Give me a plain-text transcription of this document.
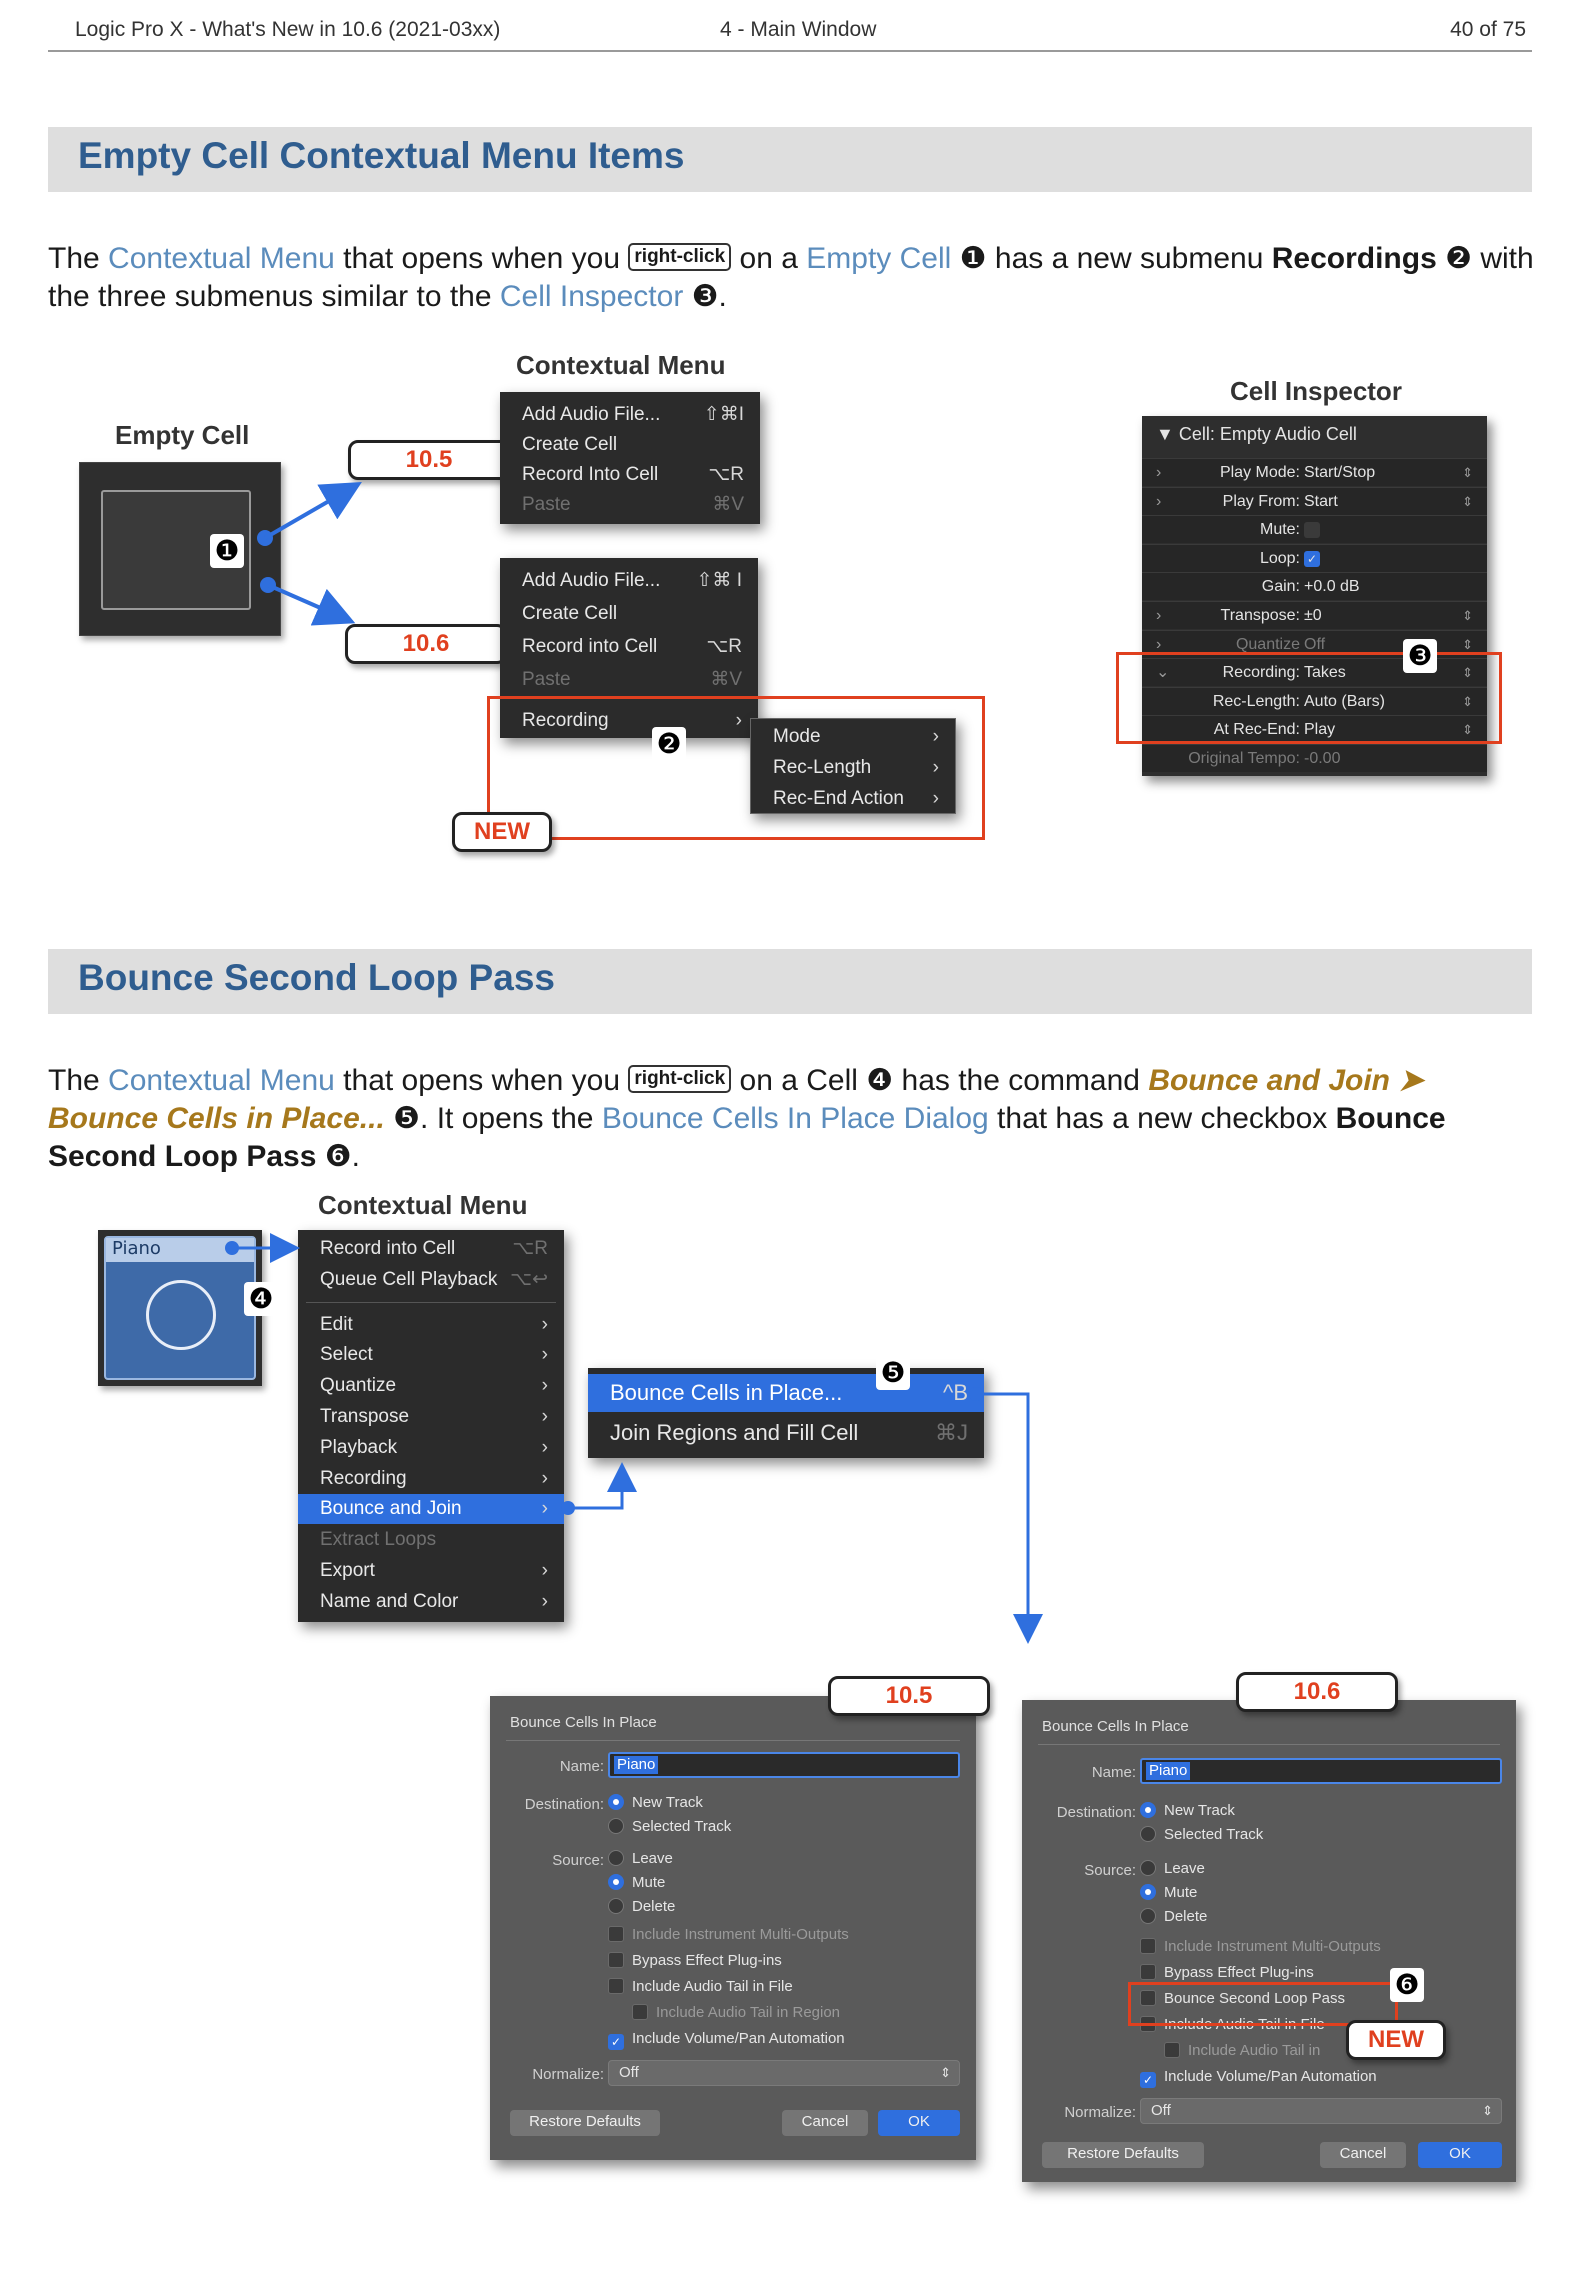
Logic Pro X - What's New in 10.6 (2021-03xx)	4 - Main Window	40 of 75
Empty Cell Contextual Menu Items
The Contextual Menu that opens when you right-click on a Empty Cell ❶ has a new submenu Recordings ❷ with the three submenus similar to the Cell Inspector ❸.
Empty Cell
Contextual Menu
Cell Inspector
❶
10.5
10.6
Add Audio File... ⇧⌘I
Create Cell
Record Into Cell	⌥R
Paste	⌘V
Recording	›
Add Audio File... ⇧⌘ I
Create Cell
Record into Cell	⌥R
Paste	⌘V
❷	Mode	›
Rec-Length	›
Rec-End Action ›
NEW
▼ Cell: Empty Audio Cell
›	Play Mode: Start/Stop	⇕
›	Play From: Start	⇕
Mute:
Loop: ✓
Gain: +0.0 dB
›	Transpose: ±0	⇕
›	Quantize Off	⇕
⌄	Recording: Takes	⇕
Rec-Length: Auto (Bars)	⇕
At Rec-End: Play	⇕
Original Tempo: -0.00
❸
Bounce Second Loop Pass
The Contextual Menu that opens when you right-click on a Cell ❹ has the command Bounce and Join ➤ Bounce Cells in Place... ❺. It opens the Bounce Cells In Place Dialog that has a new checkbox Bounce Second Loop Pass ❻.
Contextual Menu
Piano
❹
Record into Cell	⌥R
Queue Cell Playback ⌥↩
Edit	›
Select	›
Quantize	›
Transpose	›
Playback	›
Recording	›
Bounce and Join	›
Extract Loops
Export	›
Name and Color	›
Bounce Cells in Place...	^B
Join Regions and Fill Cell	⌘J
❺
Bounce Cells In Place
Name: Piano
Destination:	New Track
Selected Track
Source:	Leave
Mute
Delete
Include Instrument Multi-Outputs
Bypass Effect Plug-ins
Include Audio Tail in File
Include Audio Tail in Region
✓ Include Volume/Pan Automation
Normalize:	Off	⇕
Restore Defaults	Cancel	OK
10.5
Bounce Cells In Place
Name: Piano
Destination:	New Track
Selected Track
Source:	Leave
Mute
Delete
Include Instrument Multi-Outputs
Bypass Effect Plug-ins
Bounce Second Loop Pass
Include Audio Tail in File
Include Audio Tail in
✓ Include Volume/Pan Automation
Normalize:	Off	⇕
Restore Defaults	Cancel	OK
10.6
❻
NEW
